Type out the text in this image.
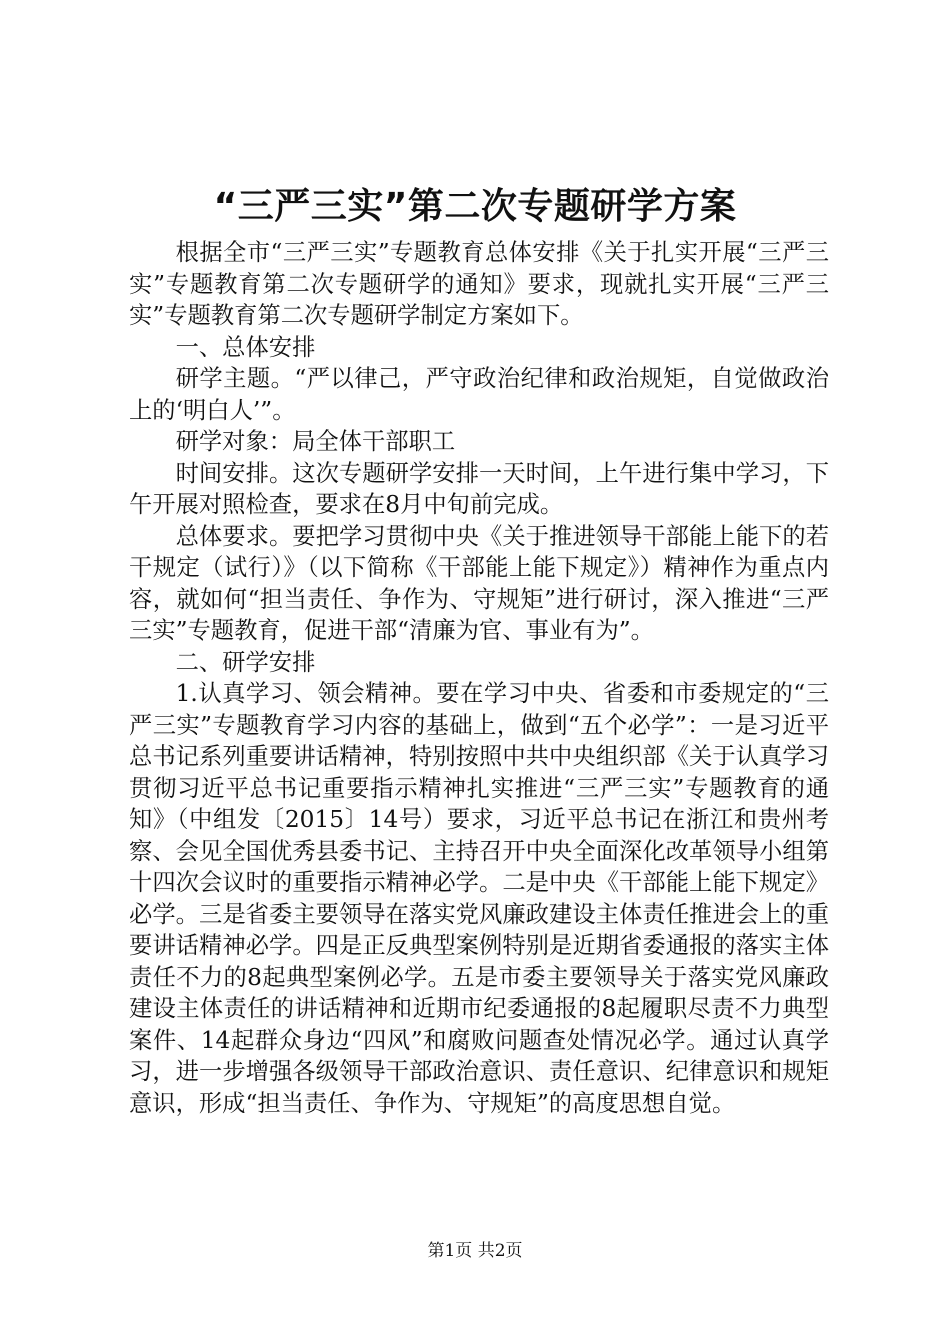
“三严三实”第二次专题研学方案

根据全市“三严三实”专题教育总体安排《关于扎实开展“三严三实”专题教育第二次专题研学的通知》要求，现就扎实开展“三严三实”专题教育第二次专题研学制定方案如下。

一、总体安排

研学主题。“严以律己，严守政治纪律和政治规矩，自觉做政治上的‘明白人’”。

研学对象：局全体干部职工

时间安排。这次专题研学安排一天时间，上午进行集中学习，下午开展对照检查，要求在8月中旬前完成。

总体要求。要把学习贯彻中央《关于推进领导干部能上能下的若干规定（试行）》（以下简称《干部能上能下规定》）精神作为重点内容，就如何“担当责任、争作为、守规矩”进行研讨，深入推进“三严三实”专题教育，促进干部“清廉为官、事业有为”。

二、研学安排

1.认真学习、领会精神。要在学习中央、省委和市委规定的“三严三实”专题教育学习内容的基础上，做到“五个必学”：一是习近平总书记系列重要讲话精神，特别按照中共中央组织部《关于认真学习贯彻习近平总书记重要指示精神扎实推进“三严三实”专题教育的通知》（中组发〔2015〕14号）要求，习近平总书记在浙江和贵州考察、会见全国优秀县委书记、主持召开中央全面深化改革领导小组第十四次会议时的重要指示精神必学。二是中央《干部能上能下规定》必学。三是省委主要领导在落实党风廉政建设主体责任推进会上的重要讲话精神必学。四是正反典型案例特别是近期省委通报的落实主体责任不力的8起典型案例必学。五是市委主要领导关于落实党风廉政建设主体责任的讲话精神和近期市纪委通报的8起履职尽责不力典型案件、14起群众身边“四风”和腐败问题查处情况必学。通过认真学习，进一步增强各级领导干部政治意识、责任意识、纪律意识和规矩意识，形成“担当责任、争作为、守规矩”的高度思想自觉。

第1页 共2页
